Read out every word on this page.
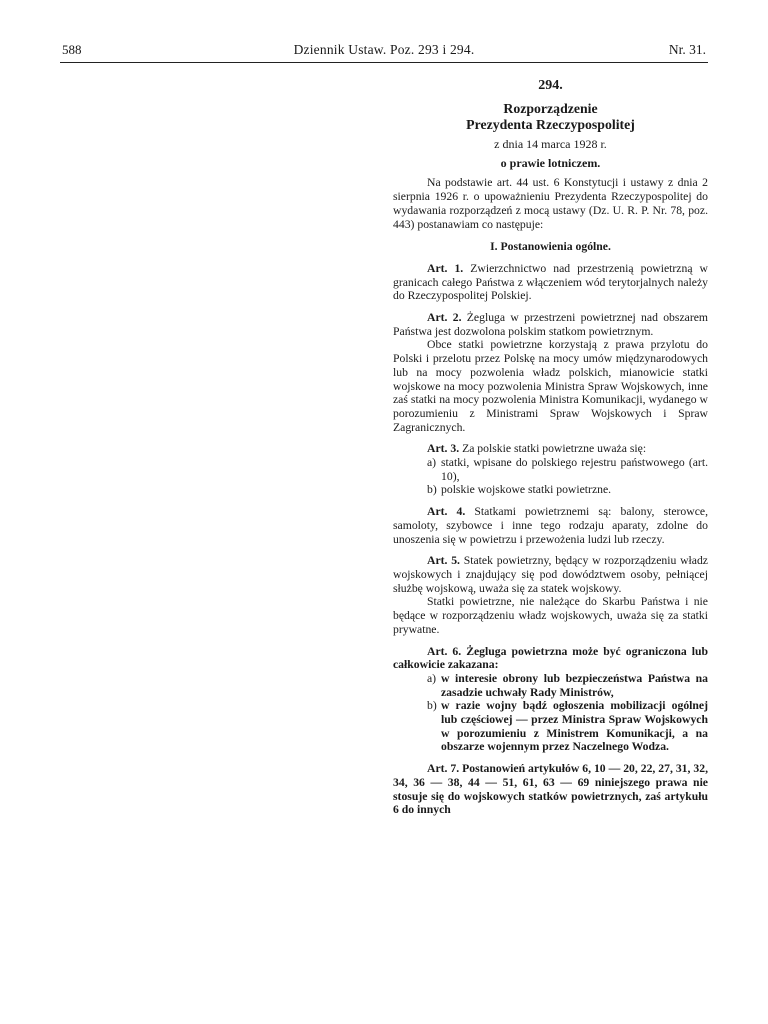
588	Dziennik Ustaw. Poz. 293 i 294.	Nr. 31.
294.
Rozporządzenie
Prezydenta Rzeczypospolitej
z dnia 14 marca 1928 r.
o prawie lotniczem.

Na podstawie art. 44 ust. 6 Konstytucji i ustawy z dnia 2 sierpnia 1926 r. o upoważnieniu Prezydenta Rzeczypospolitej do wydawania rozporządzeń z mocą ustawy (Dz. U. R. P. Nr. 78, poz. 443) postanawiam co następuje:

I. Postanowienia ogólne.

Art. 1. Zwierzchnictwo nad przestrzenią powietrzną w granicach całego Państwa z włączeniem wód terytorjalnych należy do Rzeczypospolitej Polskiej.

Art. 2. Żegluga w przestrzeni powietrznej nad obszarem Państwa jest dozwolona polskim statkom powietrznym.

Obce statki powietrzne korzystają z prawa przylotu do Polski i przelotu przez Polskę na mocy umów międzynarodowych lub na mocy pozwolenia władz polskich, mianowicie statki wojskowe na mocy pozwolenia Ministra Spraw Wojskowych, inne zaś statki na mocy pozwolenia Ministra Komunikacji, wydanego w porozumieniu z Ministrami Spraw Wojskowych i Spraw Zagranicznych.

Art. 3. Za polskie statki powietrzne uważa się:

a) statki, wpisane do polskiego rejestru państwowego (art. 10),
b) polskie wojskowe statki powietrzne.

Art. 4. Statkami powietrznemi są: balony, sterowce, samoloty, szybowce i inne tego rodzaju aparaty, zdolne do unoszenia się w powietrzu i przewożenia ludzi lub rzeczy.

Art. 5. Statek powietrzny, będący w rozporządzeniu władz wojskowych i znajdujący się pod dowództwem osoby, pełniącej służbę wojskową, uważa się za statek wojskowy.

Statki powietrzne, nie należące do Skarbu Państwa i nie będące w rozporządzeniu władz wojskowych, uważa się za statki prywatne.

Art. 6. Żegluga powietrzna może być ograniczona lub całkowicie zakazana:

a) w interesie obrony lub bezpieczeństwa Państwa na zasadzie uchwały Rady Ministrów,
b) w razie wojny bądź ogłoszenia mobilizacji ogólnej lub częściowej — przez Ministra Spraw Wojskowych w porozumieniu z Ministrem Komunikacji, a na obszarze wojennym przez Naczelnego Wodza.

Art. 7. Postanowień artykułów 6, 10 — 20, 22, 27, 31, 32, 34, 36 — 38, 44 — 51, 61, 63 — 69 niniejszego prawa nie stosuje się do wojskowych statków powietrznych, zaś artykułu 6 do innych
